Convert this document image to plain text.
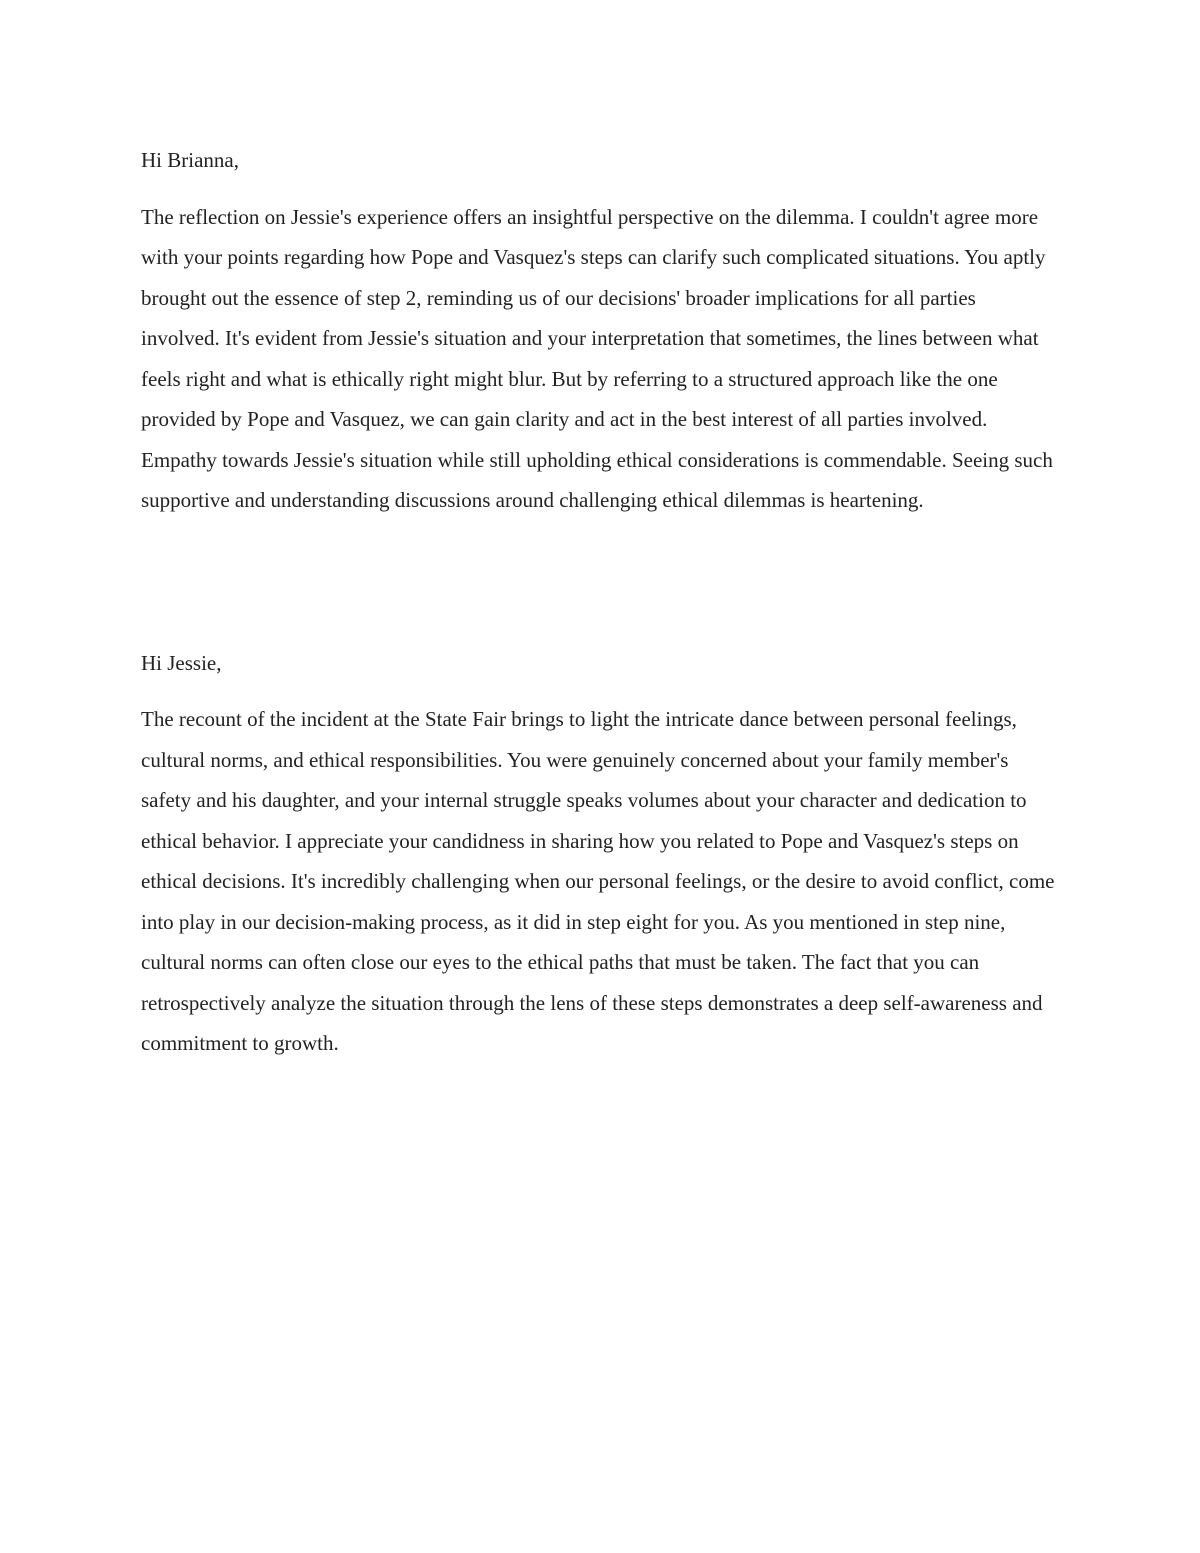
Hi Brianna,

The reflection on Jessie's experience offers an insightful perspective on the dilemma. I couldn't agree more with your points regarding how Pope and Vasquez's steps can clarify such complicated situations. You aptly brought out the essence of step 2, reminding us of our decisions' broader implications for all parties involved. It's evident from Jessie's situation and your interpretation that sometimes, the lines between what feels right and what is ethically right might blur. But by referring to a structured approach like the one provided by Pope and Vasquez, we can gain clarity and act in the best interest of all parties involved. Empathy towards Jessie's situation while still upholding ethical considerations is commendable. Seeing such supportive and understanding discussions around challenging ethical dilemmas is heartening.

Hi Jessie,

The recount of the incident at the State Fair brings to light the intricate dance between personal feelings, cultural norms, and ethical responsibilities. You were genuinely concerned about your family member's safety and his daughter, and your internal struggle speaks volumes about your character and dedication to ethical behavior. I appreciate your candidness in sharing how you related to Pope and Vasquez's steps on ethical decisions. It's incredibly challenging when our personal feelings, or the desire to avoid conflict, come into play in our decision-making process, as it did in step eight for you. As you mentioned in step nine, cultural norms can often close our eyes to the ethical paths that must be taken. The fact that you can retrospectively analyze the situation through the lens of these steps demonstrates a deep self-awareness and commitment to growth.
